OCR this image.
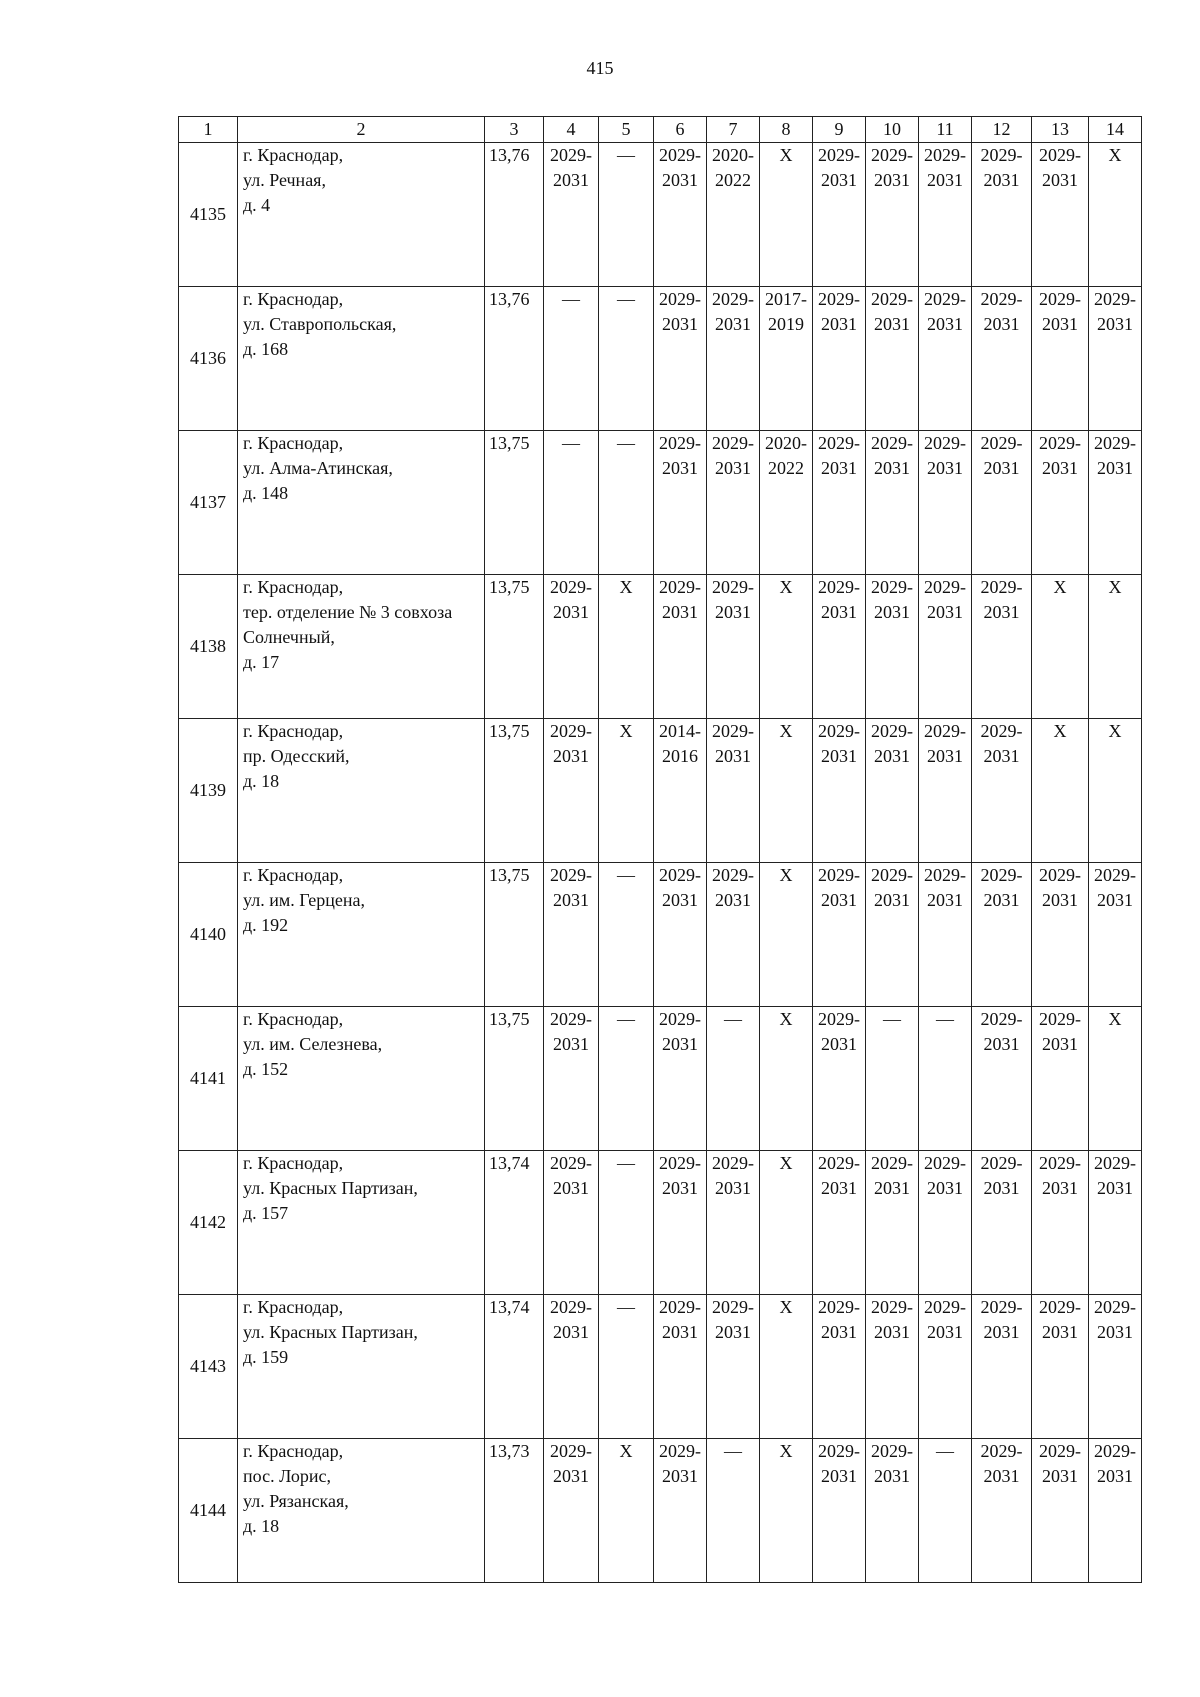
415
1	2	3	4	5	6	7	8	9	10	11	12	13	14
4135	г. Краснодар,
ул. Речная,
д. 4	13,76	2029-
2031	—	2029-
2031	2020-
2022	X	2029-
2031	2029-
2031	2029-
2031	2029-
2031	2029-
2031	X

4136	г. Краснодар,
ул. Ставропольская,
д. 168	13,76	—	—	2029-
2031	2029-
2031	2017-
2019	2029-
2031	2029-
2031	2029-
2031	2029-
2031	2029-
2031	2029-
2031

4137	г. Краснодар,
ул. Алма-Атинская,
д. 148	13,75	—	—	2029-
2031	2029-
2031	2020-
2022	2029-
2031	2029-
2031	2029-
2031	2029-
2031	2029-
2031	2029-
2031

4138	г. Краснодар,
тер. отделение № 3 совхоза
Солнечный,
д. 17	13,75	2029-
2031	X	2029-
2031	2029-
2031	X	2029-
2031	2029-
2031	2029-
2031	2029-
2031	X	X

4139	г. Краснодар,
пр. Одесский,
д. 18	13,75	2029-
2031	X	2014-
2016	2029-
2031	X	2029-
2031	2029-
2031	2029-
2031	2029-
2031	X	X

4140	г. Краснодар,
ул. им. Герцена,
д. 192	13,75	2029-
2031	—	2029-
2031	2029-
2031	X	2029-
2031	2029-
2031	2029-
2031	2029-
2031	2029-
2031	2029-
2031

4141	г. Краснодар,
ул. им. Селезнева,
д. 152	13,75	2029-
2031	—	2029-
2031	—	X	2029-
2031	—	—	2029-
2031	2029-
2031	X

4142	г. Краснодар,
ул. Красных Партизан,
д. 157	13,74	2029-
2031	—	2029-
2031	2029-
2031	X	2029-
2031	2029-
2031	2029-
2031	2029-
2031	2029-
2031	2029-
2031

4143	г. Краснодар,
ул. Красных Партизан,
д. 159	13,74	2029-
2031	—	2029-
2031	2029-
2031	X	2029-
2031	2029-
2031	2029-
2031	2029-
2031	2029-
2031	2029-
2031

4144	г. Краснодар,
пос. Лорис,
ул. Рязанская,
д. 18	13,73	2029-
2031	X	2029-
2031	—	X	2029-
2031	2029-
2031	—	2029-
2031	2029-
2031	2029-
2031
